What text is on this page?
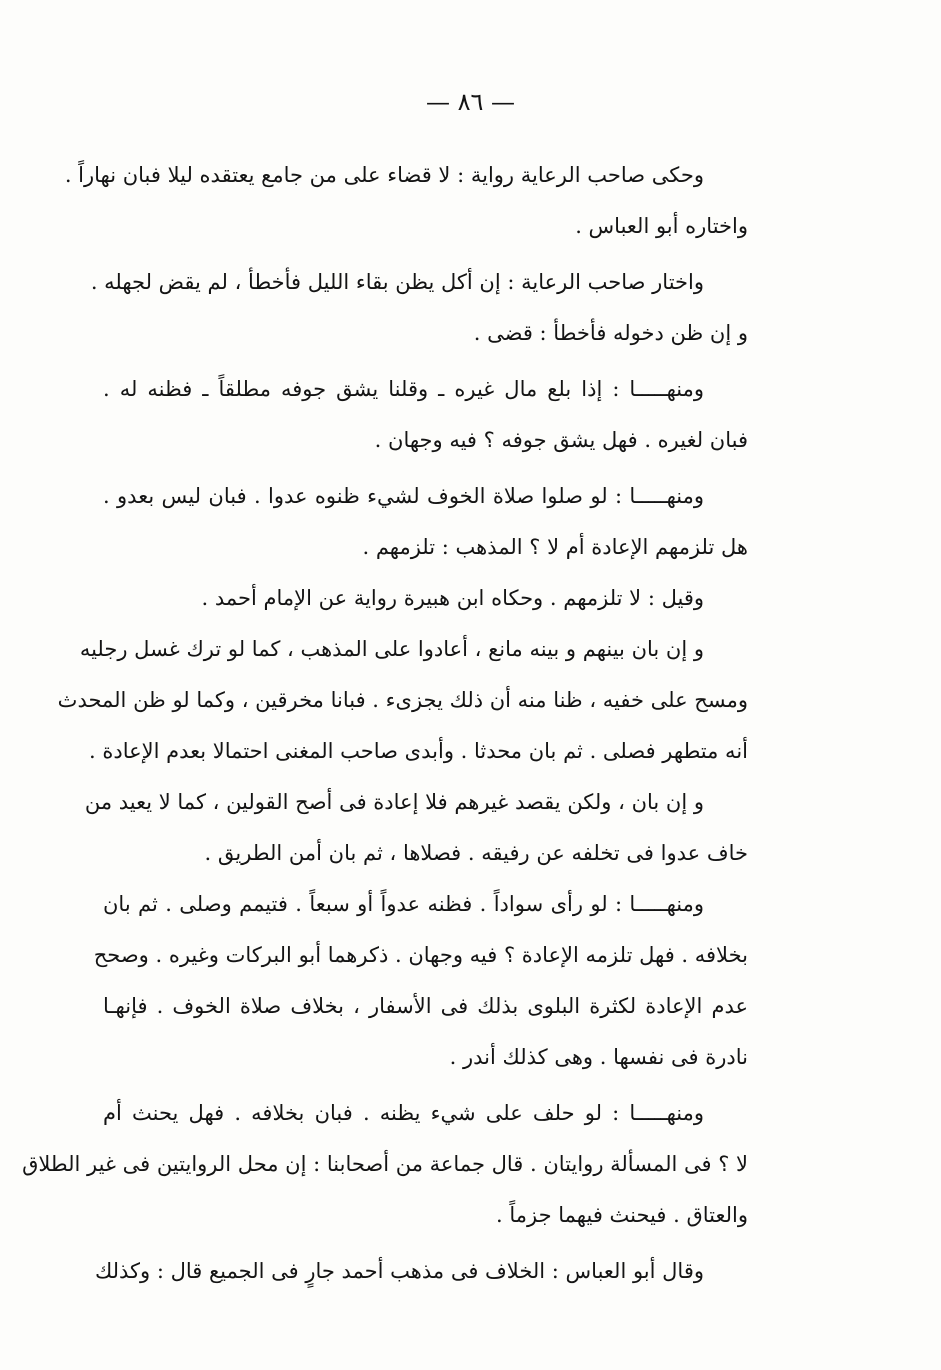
— ٨٦ —
وحكى صاحب الرعاية رواية : لا قضاء على من جامع يعتقده ليلا فبان نهاراً .
واختاره أبو العباس .
واختار صاحب الرعاية : إن أكل يظن بقاء الليل فأخطأ ، لم يقض لجهله .
و إن ظن دخوله فأخطأ : قضى .
ومنهـــــا : إذا بلع مال غيره ـ وقلنا يشق جوفه مطلقاً ـ فظنه له .
فبان لغيره . فهل يشق جوفه ؟ فيه وجهان .
ومنهـــــا : لو صلوا صلاة الخوف لشيء ظنوه عدوا . فبان ليس بعدو .
هل تلزمهم الإعادة أم لا ؟ المذهب : تلزمهم .
وقيل : لا تلزمهم . وحكاه ابن هبيرة رواية عن الإمام أحمد .
و إن بان بينهم و بينه مانع ، أعادوا على المذهب ، كما لو ترك غسل رجليه
ومسح على خفيه ، ظنا منه أن ذلك يجزىء . فبانا مخرقين ، وكما لو ظن المحدث
أنه متطهر فصلى . ثم بان محدثا . وأبدى صاحب المغنى احتمالا بعدم الإعادة .
و إن بان ، ولكن يقصد غيرهم فلا إعادة فى أصح القولين ، كما لا يعيد من
خاف عدوا فى تخلفه عن رفيقه . فصلاها ، ثم بان أمن الطريق .
ومنهـــــا : لو رأى سواداً . فظنه عدواً أو سبعاً . فتيمم وصلى . ثم بان
بخلافه . فهل تلزمه الإعادة ؟ فيه وجهان . ذكرهما أبو البركات وغيره . وصحح
عدم الإعادة لكثرة البلوى بذلك فى الأسفار ، بخلاف صلاة الخوف . فإنهـا
نادرة فى نفسها . وهى كذلك أندر .
ومنهـــــا : لو حلف على شيء يظنه . فبان بخلافه . فهل يحنث أم
لا ؟ فى المسألة روايتان . قال جماعة من أصحابنا : إن محل الروايتين فى غير الطلاق
والعتاق . فيحنث فيهما جزماً .
وقال أبو العباس : الخلاف فى مذهب أحمد جارٍ فى الجميع قال : وكذلك
